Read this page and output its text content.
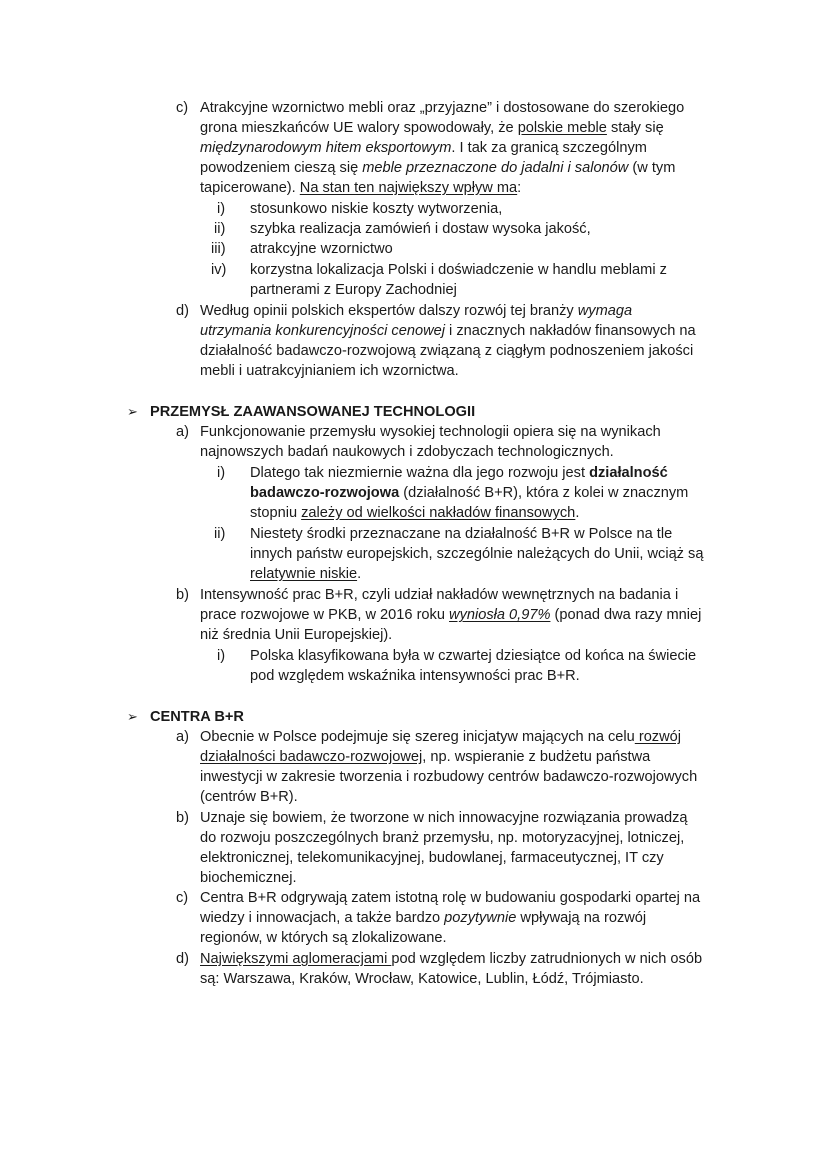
c) Atrakcyjne wzornictwo mebli oraz „przyjazne” i dostosowane do szerokiego
grona mieszkańców UE walory spowodowały, że polskie meble stały się
międzynarodowym hitem eksportowym. I tak za granicą szczególnym
powodzeniem cieszą się meble przeznaczone do jadalni i salonów (w tym
tapicerowane). Na stan ten największy wpływ ma:
i) stosunkowo niskie koszty wytworzenia,
ii) szybka realizacja zamówień i dostaw wysoka jakość,
iii) atrakcyjne wzornictwo
iv) korzystna lokalizacja Polski i doświadczenie w handlu meblami z
partnerami z Europy Zachodniej
d) Według opinii polskich ekspertów dalszy rozwój tej branży wymaga
utrzymania konkurencyjności cenowej i znacznych nakładów finansowych na
działalność badawczo-rozwojową związaną z ciągłym podnoszeniem jakości
mebli i uatrakcyjnianiem ich wzornictwa.
➢ PRZEMYSŁ ZAAWANSOWANEJ TECHNOLOGII
a) Funkcjonowanie przemysłu wysokiej technologii opiera się na wynikach
najnowszych badań naukowych i zdobyczach technologicznych.
i) Dlatego tak niezmiernie ważna dla jego rozwoju jest działalność
badawczo-rozwojowa (działalność B+R), która z kolei w znacznym
stopniu zależy od wielkości nakładów finansowych.
ii) Niestety środki przeznaczane na działalność B+R w Polsce na tle
innych państw europejskich, szczególnie należących do Unii, wciąż są
relatywnie niskie.
b) Intensywność prac B+R, czyli udział nakładów wewnętrznych na badania i
prace rozwojowe w PKB, w 2016 roku wyniosła 0,97% (ponad dwa razy mniej
niż średnia Unii Europejskiej).
i) Polska klasyfikowana była w czwartej dziesiątce od końca na świecie
pod względem wskaźnika intensywności prac B+R.
➢ CENTRA B+R
a) Obecnie w Polsce podejmuje się szereg inicjatyw mających na celu rozwój
działalności badawczo-rozwojowej, np. wspieranie z budżetu państwa
inwestycji w zakresie tworzenia i rozbudowy centrów badawczo-rozwojowych
(centrów B+R).
b) Uznaje się bowiem, że tworzone w nich innowacyjne rozwiązania prowadzą
do rozwoju poszczególnych branż przemysłu, np. motoryzacyjnej, lotniczej,
elektronicznej, telekomunikacyjnej, budowlanej, farmaceutycznej, IT czy
biochemicznej.
c) Centra B+R odgrywają zatem istotną rolę w budowaniu gospodarki opartej na
wiedzy i innowacjach, a także bardzo pozytywnie wpływają na rozwój
regionów, w których są zlokalizowane.
d) Największymi aglomeracjami pod względem liczby zatrudnionych w nich osób
są: Warszawa, Kraków, Wrocław, Katowice, Lublin, Łódź, Trójmiasto.
